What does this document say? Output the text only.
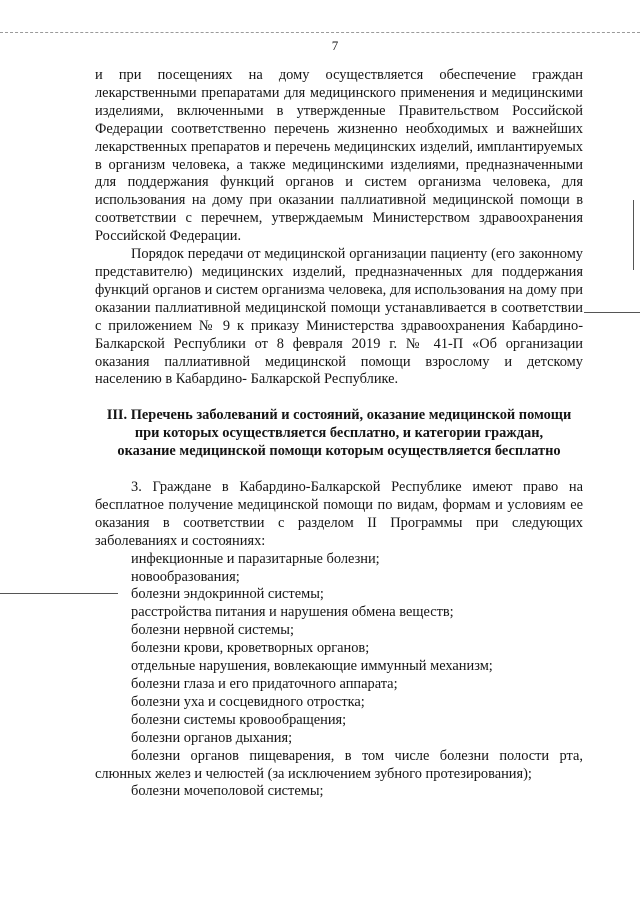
7

и при посещениях на дому осуществляется обеспечение граждан лекарственными препаратами для медицинского применения и медицинскими изделиями, включенными в утвержденные Правительством Российской Федерации соответственно перечень жизненно необходимых и важнейших лекарственных препаратов и перечень медицинских изделий, имплантируемых в организм человека, а также медицинскими изделиями, предназначенными для поддержания функций органов и систем организма человека, для использования на дому при оказании паллиативной медицинской помощи в соответствии с перечнем, утверждаемым Министерством здравоохранения Российской Федерации.

Порядок передачи от медицинской организации пациенту (его законному представителю) медицинских изделий, предназначенных для поддержания функций органов и систем организма человека, для использования на дому при оказании паллиативной медицинской помощи устанавливается в соответствии с приложением № 9 к приказу Министерства здравоохранения Кабардино-Балкарской Республики от 8 февраля 2019 г. № 41-П «Об организации оказания паллиативной медицинской помощи взрослому и детскому населению в Кабардино- Балкарской Республике.

III. Перечень заболеваний и состояний, оказание медицинской помощи

при которых осуществляется бесплатно, и категории граждан,

оказание медицинской помощи которым осуществляется бесплатно

3. Граждане в Кабардино-Балкарской Республике имеют право на бесплатное получение медицинской помощи по видам, формам и условиям ее оказания в соответствии с разделом II Программы при следующих заболеваниях и состояниях:

инфекционные и паразитарные болезни;
новообразования;
болезни эндокринной системы;
расстройства питания и нарушения обмена веществ;
болезни нервной системы;
болезни крови, кроветворных органов;
отдельные нарушения, вовлекающие иммунный механизм;
болезни глаза и его придаточного аппарата;
болезни уха и сосцевидного отростка;
болезни системы кровообращения;
болезни органов дыхания;
болезни органов пищеварения, в том числе болезни полости рта, слюнных желез и челюстей (за исключением зубного протезирования);
болезни мочеполовой системы;
